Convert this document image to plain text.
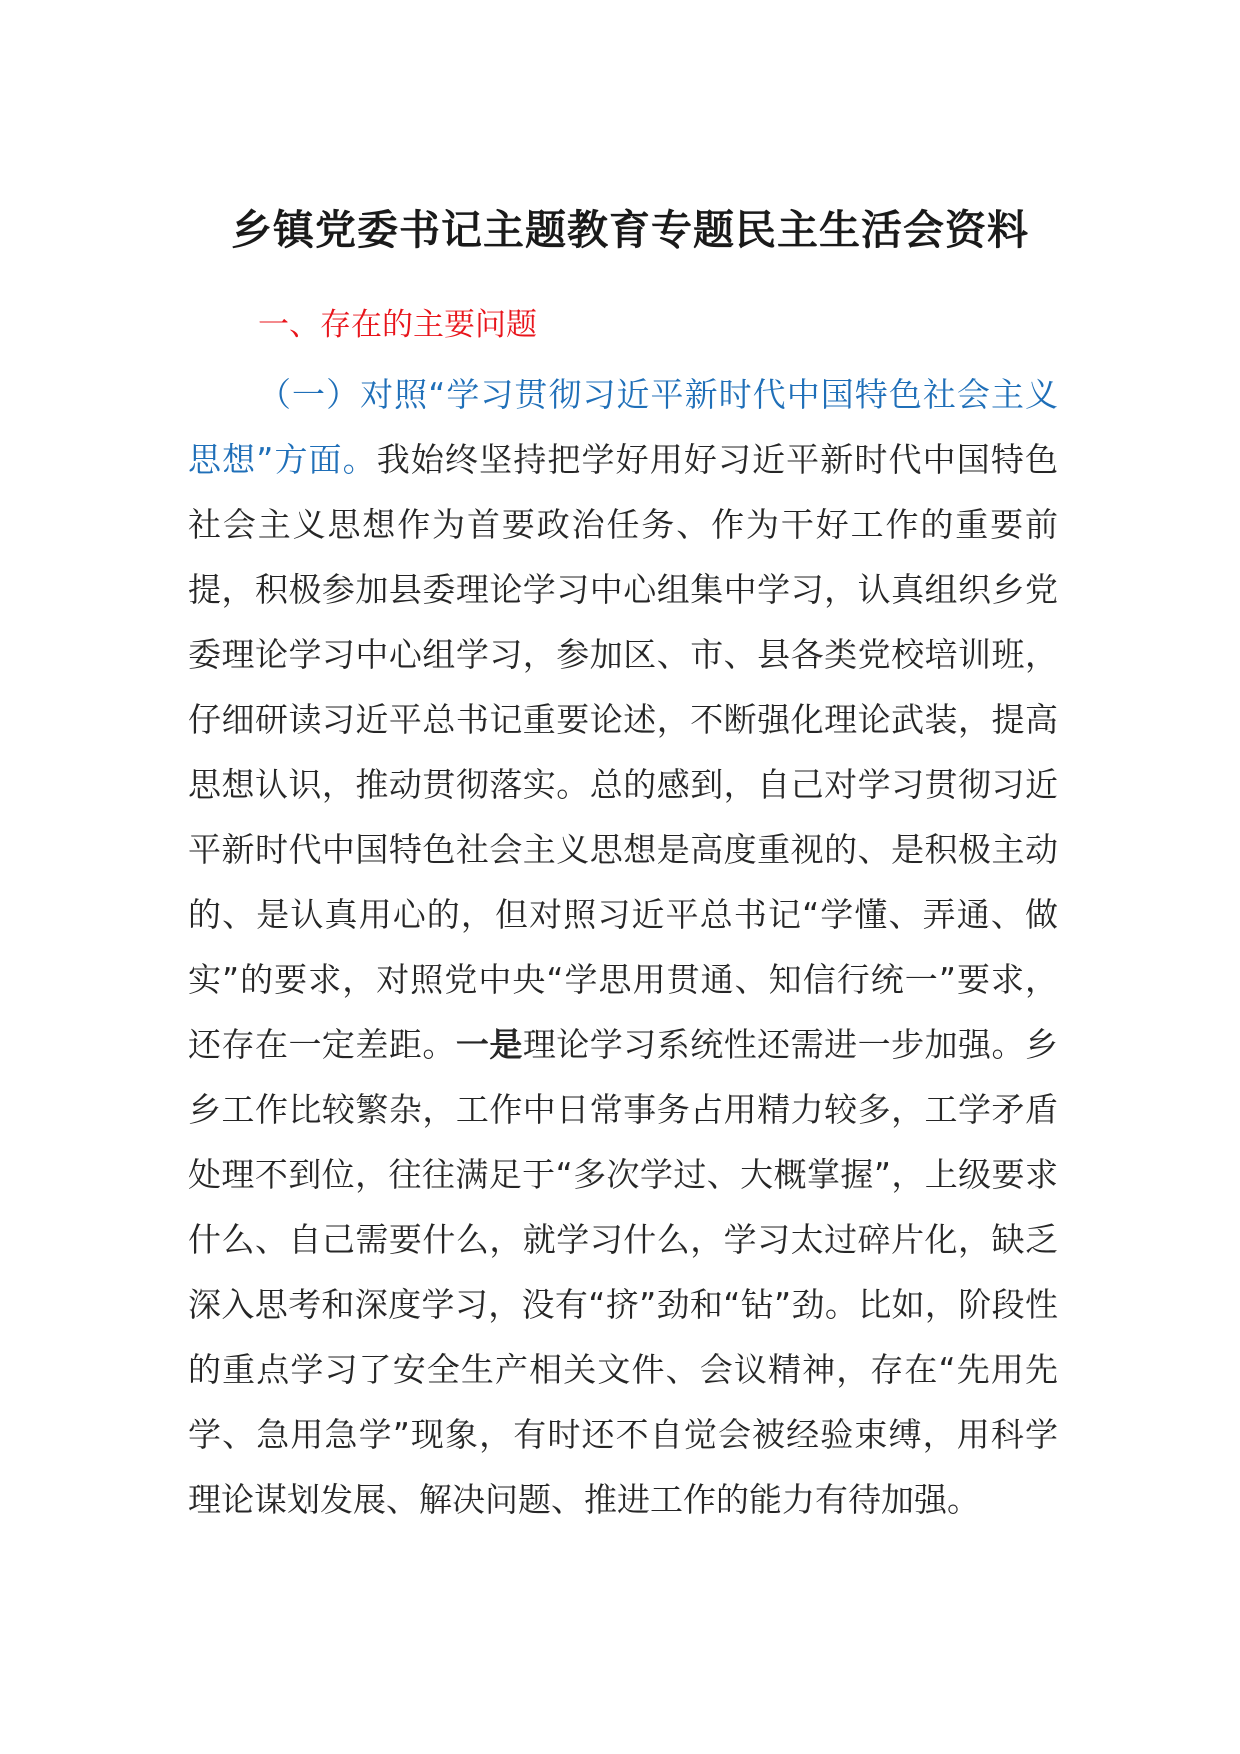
乡镇党委书记主题教育专题民主生活会资料
一、存在的主要问题
（一）对照“学习贯彻习近平新时代中国特色社会主义思想”方面。我始终坚持把学好用好习近平新时代中国特色社会主义思想作为首要政治任务、作为干好工作的重要前提，积极参加县委理论学习中心组集中学习，认真组织乡党委理论学习中心组学习，参加区、市、县各类党校培训班，仔细研读习近平总书记重要论述，不断强化理论武装，提高思想认识，推动贯彻落实。总的感到，自己对学习贯彻习近平新时代中国特色社会主义思想是高度重视的、是积极主动的、是认真用心的，但对照习近平总书记“学懂、弄通、做实”的要求，对照党中央“学思用贯通、知信行统一”要求，还存在一定差距。一是理论学习系统性还需进一步加强。乡乡工作比较繁杂，工作中日常事务占用精力较多，工学矛盾处理不到位，往往满足于“多次学过、大概掌握”，上级要求什么、自己需要什么，就学习什么，学习太过碎片化，缺乏深入思考和深度学习，没有“挤”劲和“钻”劲。比如，阶段性的重点学习了安全生产相关文件、会议精神，存在“先用先学、急用急学”现象，有时还不自觉会被经验束缚，用科学理论谋划发展、解决问题、推进工作的能力有待加强。
